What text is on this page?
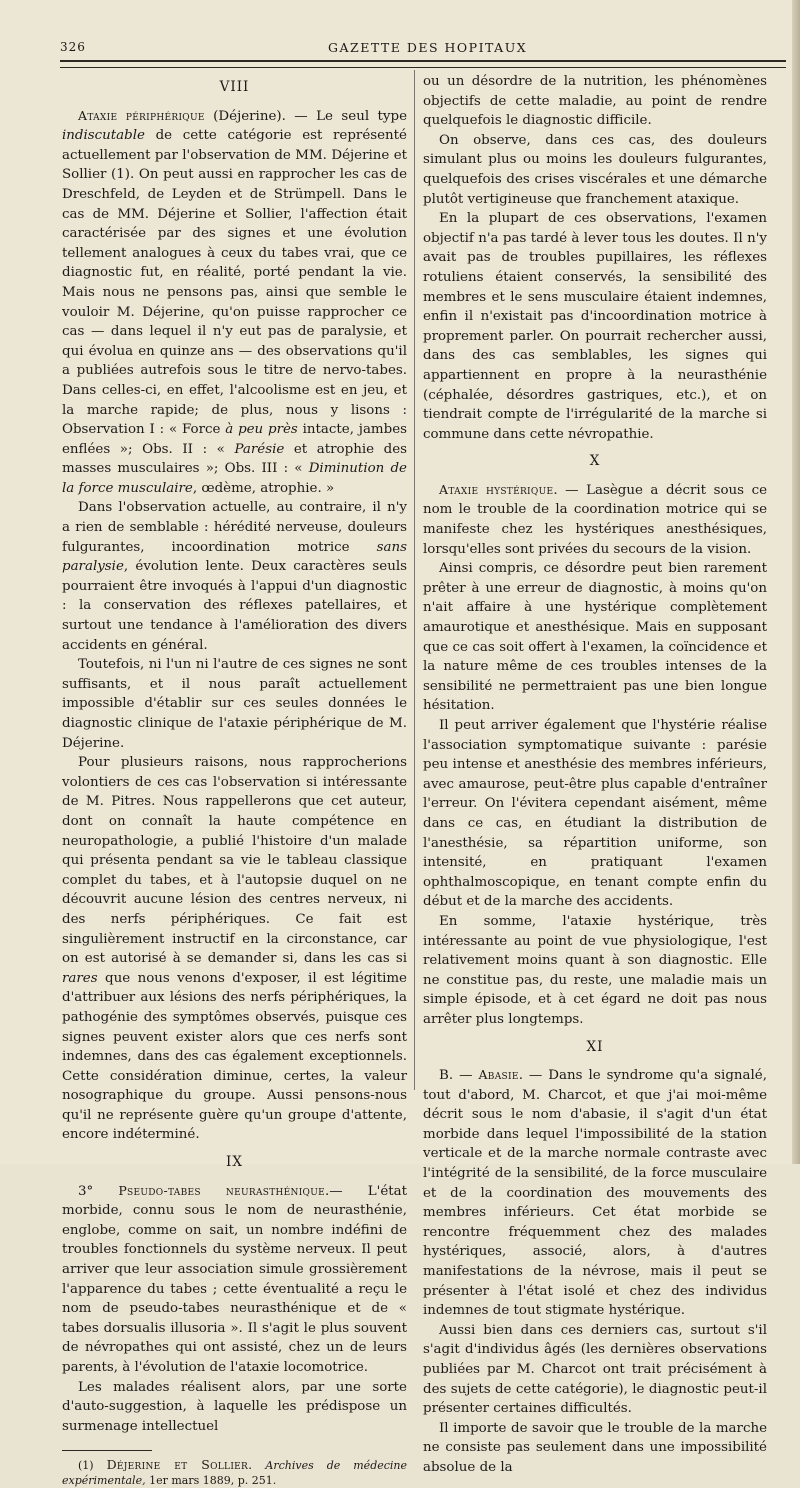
326	GAZETTE DES HOPITAUX
VIII

Ataxie périphérique (Déjerine). — Le seul type indiscutable de cette catégorie est représenté actuellement par l'observation de MM. Déjerine et Sollier (1). On peut aussi en rapprocher les cas de Dreschfeld, de Leyden et de Strümpell. Dans le cas de MM. Déjerine et Sollier, l'affection était caractérisée par des signes et une évolution tellement analogues à ceux du tabes vrai, que ce diagnostic fut, en réalité, porté pendant la vie. Mais nous ne pensons pas, ainsi que semble le vouloir M. Déjerine, qu'on puisse rapprocher ce cas — dans lequel il n'y eut pas de paralysie, et qui évolua en quinze ans — des observations qu'il a publiées autrefois sous le titre de nervo-tabes. Dans celles-ci, en effet, l'alcoolisme est en jeu, et la marche rapide; de plus, nous y lisons : Observation I : « Force à peu près intacte, jambes enflées »; Obs. II : « Parésie et atrophie des masses musculaires »; Obs. III : « Diminution de la force musculaire, œdème, atrophie. »

Dans l'observation actuelle, au contraire, il n'y a rien de semblable : hérédité nerveuse, douleurs fulgurantes, incoordination motrice sans paralysie, évolution lente. Deux caractères seuls pourraient être invoqués à l'appui d'un diagnostic : la conservation des réflexes patellaires, et surtout une tendance à l'amélioration des divers accidents en général.

Toutefois, ni l'un ni l'autre de ces signes ne sont suffisants, et il nous paraît actuellement impossible d'établir sur ces seules données le diagnostic clinique de l'ataxie périphérique de M. Déjerine.

Pour plusieurs raisons, nous rapprocherions volontiers de ces cas l'observation si intéressante de M. Pitres. Nous rappellerons que cet auteur, dont on connaît la haute compétence en neuropathologie, a publié l'histoire d'un malade qui présenta pendant sa vie le tableau classique complet du tabes, et à l'autopsie duquel on ne découvrit aucune lésion des centres nerveux, ni des nerfs périphériques. Ce fait est singulièrement instructif en la circonstance, car on est autorisé à se demander si, dans les cas si rares que nous venons d'exposer, il est légitime d'attribuer aux lésions des nerfs périphériques, la pathogénie des symptômes observés, puisque ces signes peuvent exister alors que ces nerfs sont indemnes, dans des cas également exceptionnels. Cette considération diminue, certes, la valeur nosographique du groupe. Aussi pensons-nous qu'il ne représente guère qu'un groupe d'attente, encore indéterminé.

IX

3° Pseudo-tabes neurasthénique.— L'état morbide, connu sous le nom de neurasthénie, englobe, comme on sait, un nombre indéfini de troubles fonctionnels du système nerveux. Il peut arriver que leur association simule grossièrement l'apparence du tabes ; cette éventualité a reçu le nom de pseudo-tabes neurasthénique et de « tabes dorsualis illusoria ». Il s'agit le plus souvent de névropathes qui ont assisté, chez un de leurs parents, à l'évolution de l'ataxie locomotrice.

Les malades réalisent alors, par une sorte d'auto-suggestion, à laquelle les prédispose un surmenage intellectuel

(1) Déjerine et Sollier. Archives de médecine expérimentale, 1er mars 1889, p. 251.

ou un désordre de la nutrition, les phénomènes objectifs de cette maladie, au point de rendre quelquefois le diagnostic difficile.

On observe, dans ces cas, des douleurs simulant plus ou moins les douleurs fulgurantes, quelquefois des crises viscérales et une démarche plutôt vertigineuse que franchement ataxique.

En la plupart de ces observations, l'examen objectif n'a pas tardé à lever tous les doutes. Il n'y avait pas de troubles pupillaires, les réflexes rotuliens étaient conservés, la sensibilité des membres et le sens musculaire étaient indemnes, enfin il n'existait pas d'incoordination motrice à proprement parler. On pourrait rechercher aussi, dans des cas semblables, les signes qui appartiennent en propre à la neurasthénie (céphalée, désordres gastriques, etc.), et on tiendrait compte de l'irrégularité de la marche si commune dans cette névropathie.

X

Ataxie hystérique. — Lasègue a décrit sous ce nom le trouble de la coordination motrice qui se manifeste chez les hystériques anesthésiques, lorsqu'elles sont privées du secours de la vision.

Ainsi compris, ce désordre peut bien rarement prêter à une erreur de diagnostic, à moins qu'on n'ait affaire à une hystérique complètement amaurotique et anesthésique. Mais en supposant que ce cas soit offert à l'examen, la coïncidence et la nature même de ces troubles intenses de la sensibilité ne permettraient pas une bien longue hésitation.

Il peut arriver également que l'hystérie réalise l'association symptomatique suivante : parésie peu intense et anesthésie des membres inférieurs, avec amaurose, peut-être plus capable d'entraîner l'erreur. On l'évitera cependant aisément, même dans ce cas, en étudiant la distribution de l'anesthésie, sa répartition uniforme, son intensité, en pratiquant l'examen ophthalmoscopique, en tenant compte enfin du début et de la marche des accidents.

En somme, l'ataxie hystérique, très intéressante au point de vue physiologique, l'est relativement moins quant à son diagnostic. Elle ne constitue pas, du reste, une maladie mais un simple épisode, et à cet égard ne doit pas nous arrêter plus longtemps.

XI

B. — Abasie. — Dans le syndrome qu'a signalé, tout d'abord, M. Charcot, et que j'ai moi-même décrit sous le nom d'abasie, il s'agit d'un état morbide dans lequel l'impossibilité de la station verticale et de la marche normale contraste avec l'intégrité de la sensibilité, de la force musculaire et de la coordination des mouvements des membres inférieurs. Cet état morbide se rencontre fréquemment chez des malades hystériques, associé, alors, à d'autres manifestations de la névrose, mais il peut se présenter à l'état isolé et chez des individus indemnes de tout stigmate hystérique.

Aussi bien dans ces derniers cas, surtout s'il s'agit d'individus âgés (les dernières observations publiées par M. Charcot ont trait précisément à des sujets de cette catégorie), le diagnostic peut-il présenter certaines difficultés.

Il importe de savoir que le trouble de la marche ne consiste pas seulement dans une impossibilité absolue de la
